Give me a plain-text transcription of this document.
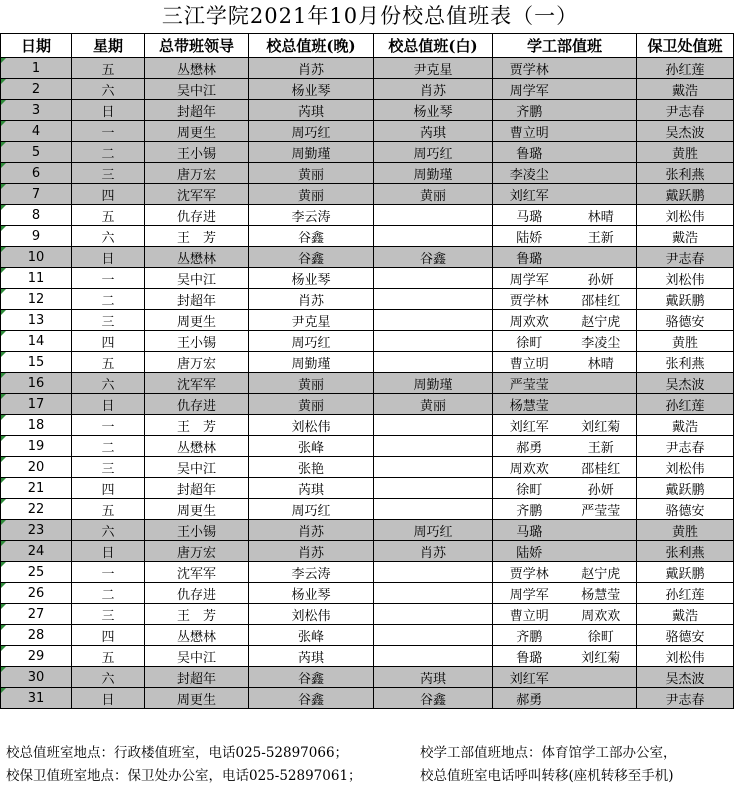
三江学院2021年10月份校总值班表（一）
日期	星期	总带班领导	校总值班(晚)	校总值班(白)	学工部值班		保卫处值班
1	五	丛懋林	肖苏	尹克星	贾学林		孙红莲
2	六	吴中江	杨业琴	肖苏	周学军		戴浩
3	日	封超年	芮琪	杨业琴	齐鹏		尹志春
4	一	周更生	周巧红	芮琪	曹立明		吴杰波
5	二	王小锡	周勤瑾	周巧红	鲁璐		黄胜
6	三	唐万宏	黄丽	周勤瑾	李凌尘		张利燕
7	四	沈军军	黄丽	黄丽	刘红军		戴跃鹏
8	五	仇存进	李云涛		马璐	林晴	刘松伟
9	六	王　芳	谷鑫		陆娇	王新	戴浩
10	日	丛懋林	谷鑫	谷鑫	鲁璐		尹志春
11	一	吴中江	杨业琴		周学军	孙妍	刘松伟
12	二	封超年	肖苏		贾学林	邵桂红	戴跃鹏
13	三	周更生	尹克星		周欢欢	赵宁虎	骆德安
14	四	王小锡	周巧红		徐町	李凌尘	黄胜
15	五	唐万宏	周勤瑾		曹立明	林晴	张利燕
16	六	沈军军	黄丽	周勤瑾	严莹莹		吴杰波
17	日	仇存进	黄丽	黄丽	杨慧莹		孙红莲
18	一	王　芳	刘松伟		刘红军	刘红菊	戴浩
19	二	丛懋林	张峰		郝勇	王新	尹志春
20	三	吴中江	张艳		周欢欢	邵桂红	刘松伟
21	四	封超年	芮琪		徐町	孙妍	戴跃鹏
22	五	周更生	周巧红		齐鹏	严莹莹	骆德安
23	六	王小锡	肖苏	周巧红	马璐		黄胜
24	日	唐万宏	肖苏	肖苏	陆娇		张利燕
25	一	沈军军	李云涛		贾学林	赵宁虎	戴跃鹏
26	二	仇存进	杨业琴		周学军	杨慧莹	孙红莲
27	三	王　芳	刘松伟		曹立明	周欢欢	戴浩
28	四	丛懋林	张峰		齐鹏	徐町	骆德安
29	五	吴中江	芮琪		鲁璐	刘红菊	刘松伟
30	六	封超年	谷鑫	芮琪	刘红军		吴杰波
31	日	周更生	谷鑫	谷鑫	郝勇		尹志春
校总值班室地点：行政楼值班室，电话025-52897066；	校学工部值班地点：体育馆学工部办公室，
校保卫值班室地点：保卫处办公室，电话025-52897061；	校总值班室电话呼叫转移(座机转移至手机)
